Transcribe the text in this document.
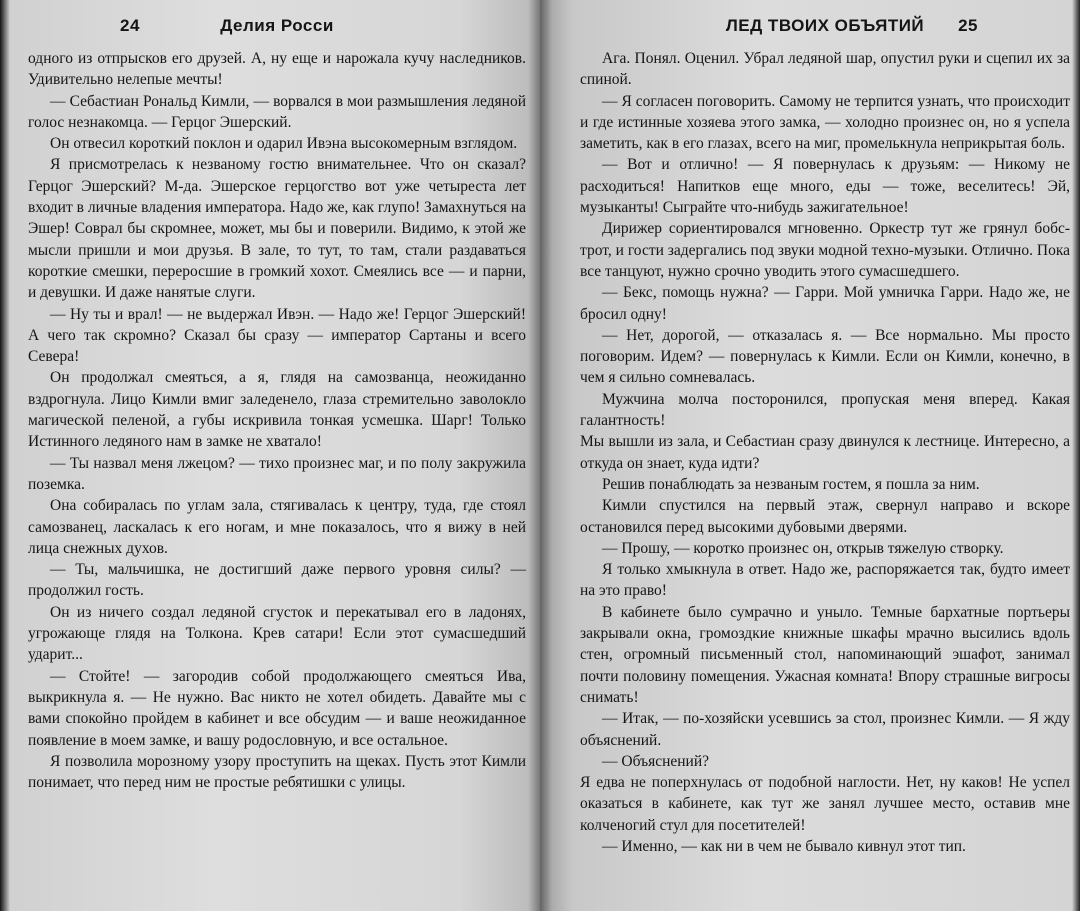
24	Делия Росси

одного из отпрысков его друзей. А, ну еще и нарожала кучу наследников. Удивительно нелепые мечты!

— Себастиан Рональд Кимли, — ворвался в мои размышления ледяной голос незнакомца. — Герцог Эшерский.

Он отвесил короткий поклон и одарил Ивэна высокомерным взглядом.

Я присмотрелась к незваному гостю внимательнее. Что он сказал? Герцог Эшерский? М-да. Эшерское герцогство вот уже четыреста лет входит в личные владения императора. Надо же, как глупо! Замахнуться на Эшер! Соврал бы скромнее, может, мы бы и поверили. Видимо, к этой же мысли пришли и мои друзья. В зале, то тут, то там, стали раздаваться короткие смешки, переросшие в громкий хохот. Смеялись все — и парни, и девушки. И даже нанятые слуги.

— Ну ты и врал! — не выдержал Ивэн. — Надо же! Герцог Эшерский! А чего так скромно? Сказал бы сразу — император Сартаны и всего Севера!

Он продолжал смеяться, а я, глядя на самозванца, неожиданно вздрогнула. Лицо Кимли вмиг заледенело, глаза стремительно заволокло магической пеленой, а губы искривила тонкая усмешка. Шарг! Только Истинного ледяного нам в замке не хватало!

— Ты назвал меня лжецом? — тихо произнес маг, и по полу закружила поземка.

Она собиралась по углам зала, стягивалась к центру, туда, где стоял самозванец, ласкалась к его ногам, и мне показалось, что я вижу в ней лица снежных духов.

— Ты, мальчишка, не достигший даже первого уровня силы? — продолжил гость.

Он из ничего создал ледяной сгусток и перекатывал его в ладонях, угрожающе глядя на Толкона. Крев сатари! Если этот сумасшедший ударит...

— Стойте! — загородив собой продолжающего смеяться Ива, выкрикнула я. — Не нужно. Вас никто не хотел обидеть. Давайте мы с вами спокойно пройдем в кабинет и все обсудим — и ваше неожиданное появление в моем замке, и вашу родословную, и все остальное.

Я позволила морозному узору проступить на щеках. Пусть этот Кимли понимает, что перед ним не простые ребятишки с улицы.

ЛЕД ТВОИХ ОБЪЯТИЙ	25

Ага. Понял. Оценил. Убрал ледяной шар, опустил руки и сцепил их за спиной.

— Я согласен поговорить. Самому не терпится узнать, что происходит и где истинные хозяева этого замка, — холодно произнес он, но я успела заметить, как в его глазах, всего на миг, промелькнула неприкрытая боль.

— Вот и отлично! — Я повернулась к друзьям: — Никому не расходиться! Напитков еще много, еды — тоже, веселитесь! Эй, музыканты! Сыграйте что-нибудь зажигательное!

Дирижер сориентировался мгновенно. Оркестр тут же грянул бобс-трот, и гости задергались под звуки модной техно-музыки. Отлично. Пока все танцуют, нужно срочно уводить этого сумасшедшего.

— Бекс, помощь нужна? — Гарри. Мой умничка Гарри. Надо же, не бросил одну!

— Нет, дорогой, — отказалась я. — Все нормально. Мы просто поговорим. Идем? — повернулась к Кимли. Если он Кимли, конечно, в чем я сильно сомневалась.

Мужчина молча посторонился, пропуская меня вперед. Какая галантность!

Мы вышли из зала, и Себастиан сразу двинулся к лестнице. Интересно, а откуда он знает, куда идти?

Решив понаблюдать за незваным гостем, я пошла за ним.

Кимли спустился на первый этаж, свернул направо и вскоре остановился перед высокими дубовыми дверями.

— Прошу, — коротко произнес он, открыв тяжелую створку.

Я только хмыкнула в ответ. Надо же, распоряжается так, будто имеет на это право!

В кабинете было сумрачно и уныло. Темные бархатные портьеры закрывали окна, громоздкие книжные шкафы мрачно высились вдоль стен, огромный письменный стол, напоминающий эшафот, занимал почти половину помещения. Ужасная комната! Впору страшные вигросы снимать!

— Итак, — по-хозяйски усевшись за стол, произнес Кимли. — Я жду объяснений.

— Объяснений?

Я едва не поперхнулась от подобной наглости. Нет, ну каков! Не успел оказаться в кабинете, как тут же занял лучшее место, оставив мне колченогий стул для посетителей!

— Именно, — как ни в чем не бывало кивнул этот тип.
